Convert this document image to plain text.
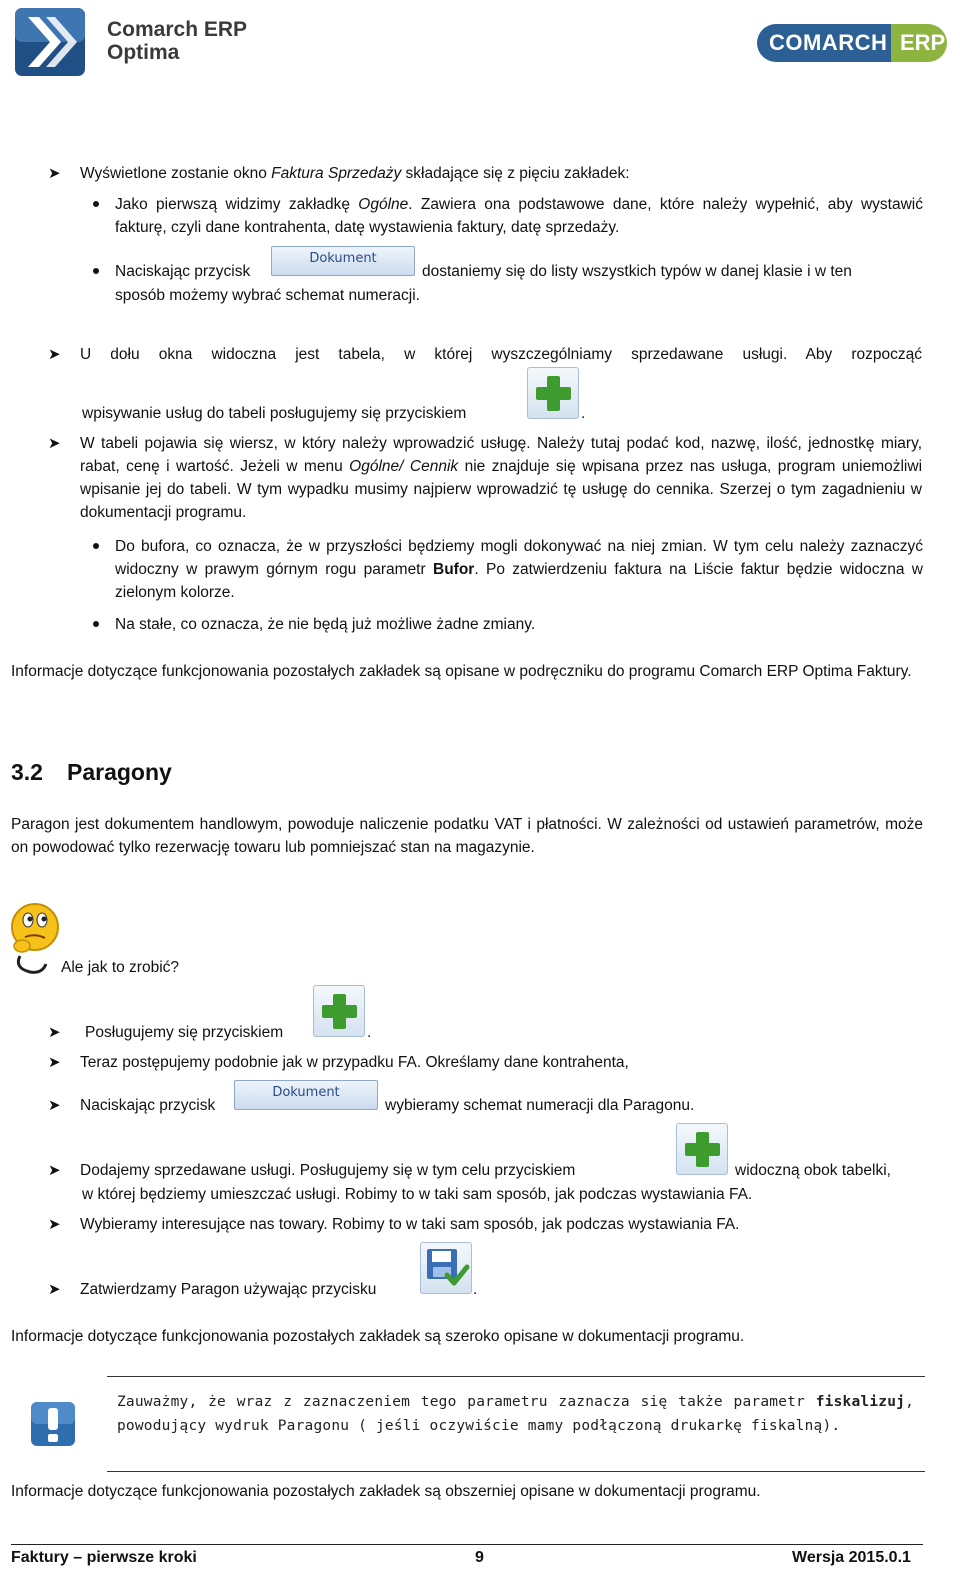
Comarch ERP
Optima	COMARCH ERP
➤ Wyświetlone zostanie okno Faktura Sprzedaży składające się z pięciu zakładek:
Jako pierwszą widzimy zakładkę Ogólne. Zawiera ona podstawowe dane, które należy wypełnić, aby wystawić fakturę, czyli dane kontrahenta, datę wystawienia faktury, datę sprzedaży.
Naciskając przycisk
Dokument
dostaniemy się do listy wszystkich typów w danej klasie i w ten
sposób możemy wybrać schemat numeracji.
➤ U dołu okna widoczna jest tabela, w której wyszczególniamy sprzedawane usługi. Aby rozpocząć
wpisywanie usług do tabeli posługujemy się przyciskiem	.
➤ W tabeli pojawia się wiersz, w który należy wprowadzić usługę. Należy tutaj podać kod, nazwę, ilość, jednostkę miary, rabat, cenę i wartość. Jeżeli w menu Ogólne/ Cennik nie znajduje się wpisana przez nas usługa, program uniemożliwi wpisanie jej do tabeli. W tym wypadku musimy najpierw wprowadzić tę usługę do cennika. Szerzej o tym zagadnieniu w dokumentacji programu.
Do bufora, co oznacza, że w przyszłości będziemy mogli dokonywać na niej zmian. W tym celu należy zaznaczyć widoczny w prawym górnym rogu parametr Bufor. Po zatwierdzeniu faktura na Liście faktur będzie widoczna w zielonym kolorze.
Na stałe, co oznacza, że nie będą już możliwe żadne zmiany.
Informacje dotyczące funkcjonowania pozostałych zakładek są opisane w podręczniku do programu Comarch ERP Optima Faktury.
3.2 Paragony
Paragon jest dokumentem handlowym, powoduje naliczenie podatku VAT i płatności. W zależności od ustawień parametrów, może on powodować tylko rezerwację towaru lub pomniejszać stan na magazynie.
Ale jak to zrobić?
➤ Posługujemy się przyciskiem	.
➤ Teraz postępujemy podobnie jak w przypadku FA. Określamy dane kontrahenta,
➤ Naciskając przycisk
Dokument
wybieramy schemat numeracji dla Paragonu.
➤ Dodajemy sprzedawane usługi. Posługujemy się w tym celu przyciskiem	widoczną obok tabelki,
w której będziemy umieszczać usługi. Robimy to w taki sam sposób, jak podczas wystawiania FA.
➤ Wybieramy interesujące nas towary. Robimy to w taki sam sposób, jak podczas wystawiania FA.
➤ Zatwierdzamy Paragon używając przycisku	.
Informacje dotyczące funkcjonowania pozostałych zakładek są szeroko opisane w dokumentacji programu.
Zauważmy, że wraz z zaznaczeniem tego parametru zaznacza się także parametr fiskalizuj, powodujący wydruk Paragonu ( jeśli oczywiście mamy podłączoną drukarkę fiskalną).
Informacje dotyczące funkcjonowania pozostałych zakładek są obszerniej opisane w dokumentacji programu.
Faktury – pierwsze kroki	9	Wersja 2015.0.1
